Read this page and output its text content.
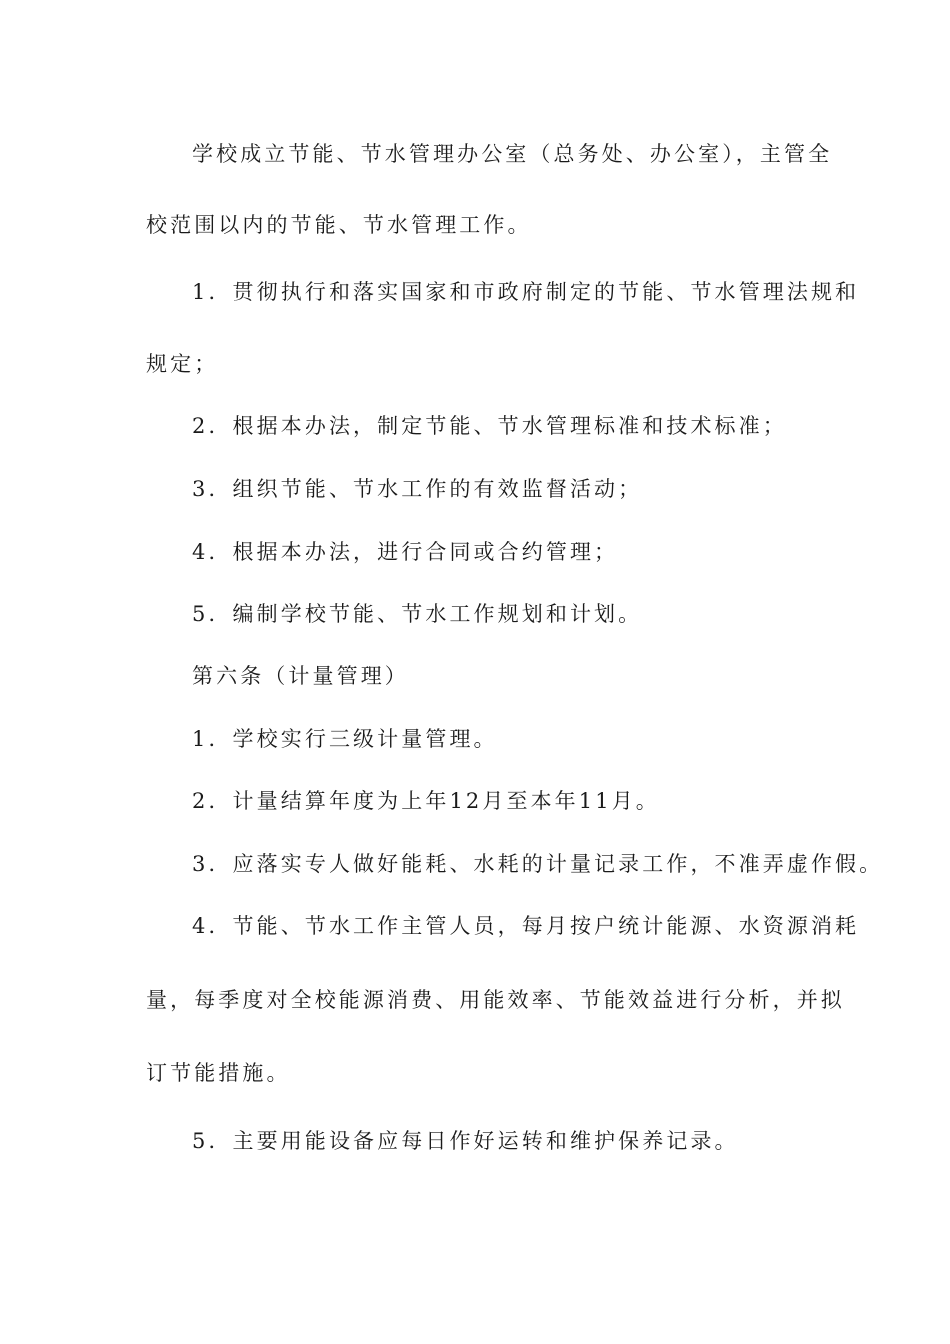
学校成立节能、节水管理办公室（总务处、办公室），主管全
校范围以内的节能、节水管理工作。
1．贯彻执行和落实国家和市政府制定的节能、节水管理法规和
规定；
2．根据本办法，制定节能、节水管理标准和技术标准；
3．组织节能、节水工作的有效监督活动；
4．根据本办法，进行合同或合约管理；
5．编制学校节能、节水工作规划和计划。
第六条（计量管理）
1．学校实行三级计量管理。
2．计量结算年度为上年12月至本年11月。
3．应落实专人做好能耗、水耗的计量记录工作，不准弄虚作假。
4．节能、节水工作主管人员，每月按户统计能源、水资源消耗
量，每季度对全校能源消费、用能效率、节能效益进行分析，并拟
订节能措施。
5．主要用能设备应每日作好运转和维护保养记录。
